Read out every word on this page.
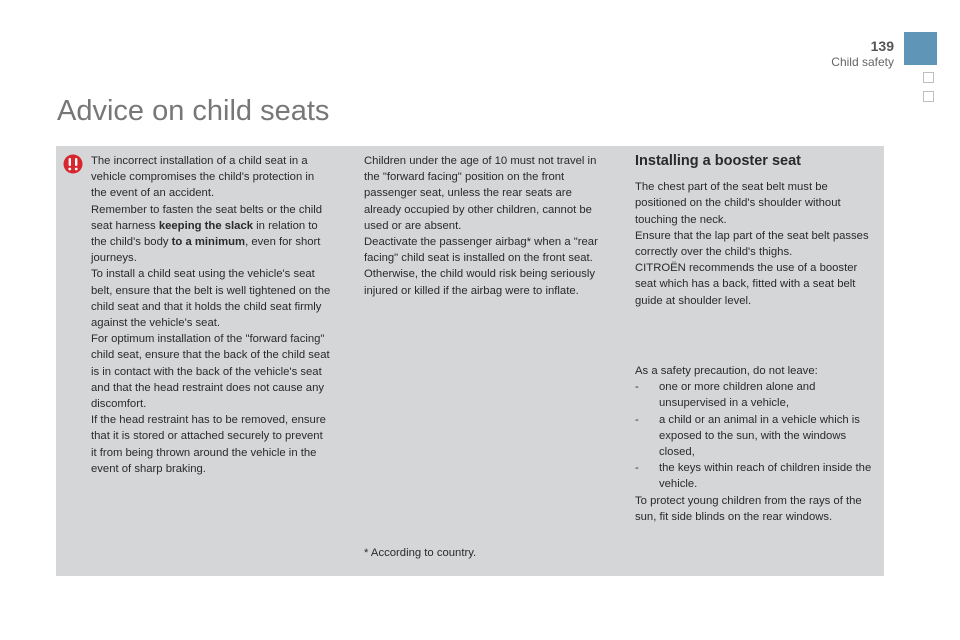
139
Child safety
Advice on child seats

The incorrect installation of a child seat in a vehicle compromises the child's protection in the event of an accident.

Remember to fasten the seat belts or the child seat harness keeping the slack in relation to the child's body to a minimum, even for short journeys.

To install a child seat using the vehicle's seat belt, ensure that the belt is well tightened on the child seat and that it holds the child seat firmly against the vehicle's seat.

For optimum installation of the "forward facing" child seat, ensure that the back of the child seat is in contact with the back of the vehicle's seat and that the head restraint does not cause any discomfort.

If the head restraint has to be removed, ensure that it is stored or attached securely to prevent it from being thrown around the vehicle in the event of sharp braking.

Children under the age of 10 must not travel in the "forward facing" position on the front passenger seat, unless the rear seats are already occupied by other children, cannot be used or are absent.

Deactivate the passenger airbag* when a "rear facing" child seat is installed on the front seat.

Otherwise, the child would risk being seriously injured or killed if the airbag were to inflate.

Installing a booster seat

The chest part of the seat belt must be positioned on the child's shoulder without touching the neck.

Ensure that the lap part of the seat belt passes correctly over the child's thighs.

CITROËN recommends the use of a booster seat which has a back, fitted with a seat belt guide at shoulder level.

As a safety precaution, do not leave:

- one or more children alone and unsupervised in a vehicle,
- a child or an animal in a vehicle which is exposed to the sun, with the windows closed,
- the keys within reach of children inside the vehicle.

To protect young children from the rays of the sun, fit side blinds on the rear windows.

* According to country.
